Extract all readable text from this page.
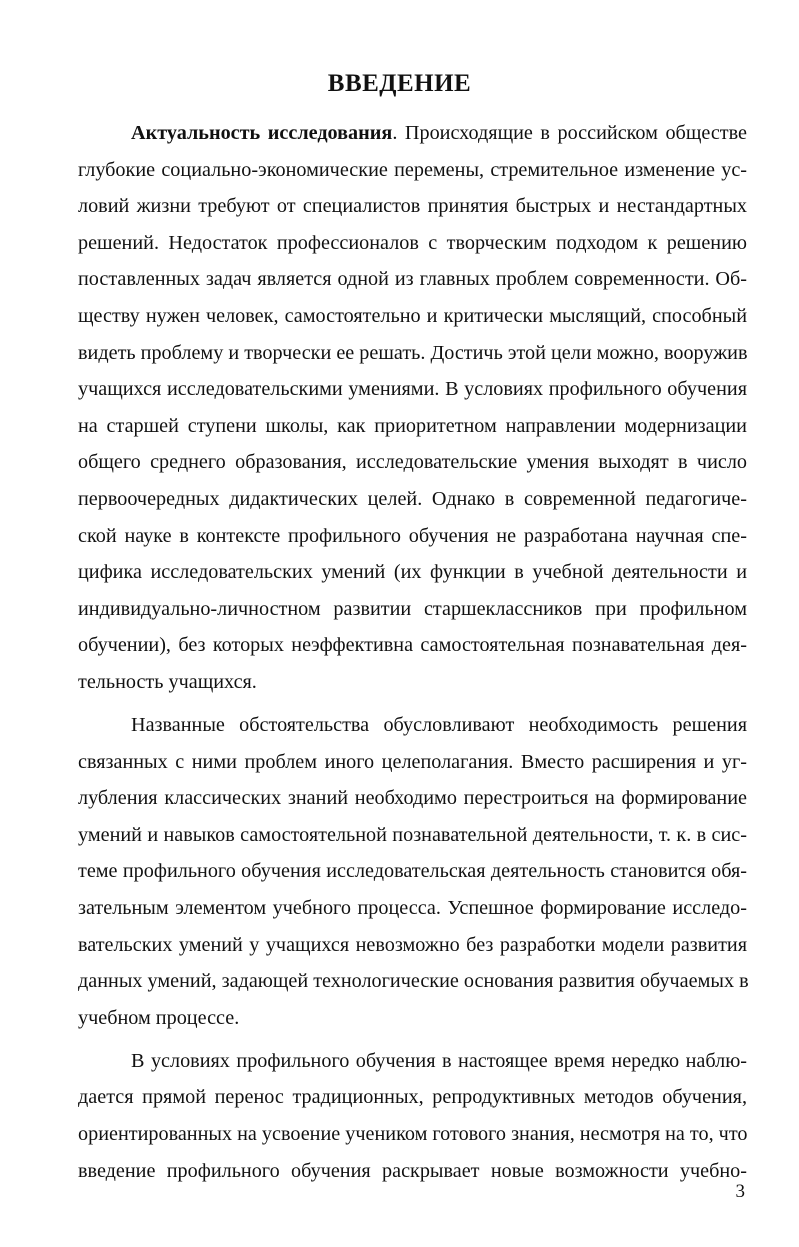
ВВЕДЕНИЕ
Актуальность исследования. Происходящие в российском обществе
глубокие социально-экономические перемены, стремительное изменение ус-
ловий жизни требуют от специалистов принятия быстрых и нестандартных
решений. Недостаток профессионалов с творческим подходом к решению
поставленных задач является одной из главных проблем современности. Об-
ществу нужен человек, самостоятельно и критически мыслящий, способный
видеть проблему и творчески ее решать. Достичь этой цели можно, вооружив
учащихся исследовательскими умениями. В условиях профильного обучения
на старшей ступени школы, как приоритетном направлении модернизации
общего среднего образования, исследовательские умения выходят в число
первоочередных дидактических целей. Однако в современной педагогиче-
ской науке в контексте профильного обучения не разработана научная спе-
цифика исследовательских умений (их функции в учебной деятельности и
индивидуально-личностном развитии старшеклассников при профильном
обучении), без которых неэффективна самостоятельная познавательная дея-
тельность учащихся.
Названные обстоятельства обусловливают необходимость решения
связанных с ними проблем иного целеполагания. Вместо расширения и уг-
лубления классических знаний необходимо перестроиться на формирование
умений и навыков самостоятельной познавательной деятельности, т. к. в сис-
теме профильного обучения исследовательская деятельность становится обя-
зательным элементом учебного процесса. Успешное формирование исследо-
вательских умений у учащихся невозможно без разработки модели развития
данных умений, задающей технологические основания развития обучаемых в
учебном процессе.
В условиях профильного обучения в настоящее время нередко наблю-
дается прямой перенос традиционных, репродуктивных методов обучения,
ориентированных на усвоение учеником готового знания, несмотря на то, что
введение профильного обучения раскрывает новые возможности учебно-
3
